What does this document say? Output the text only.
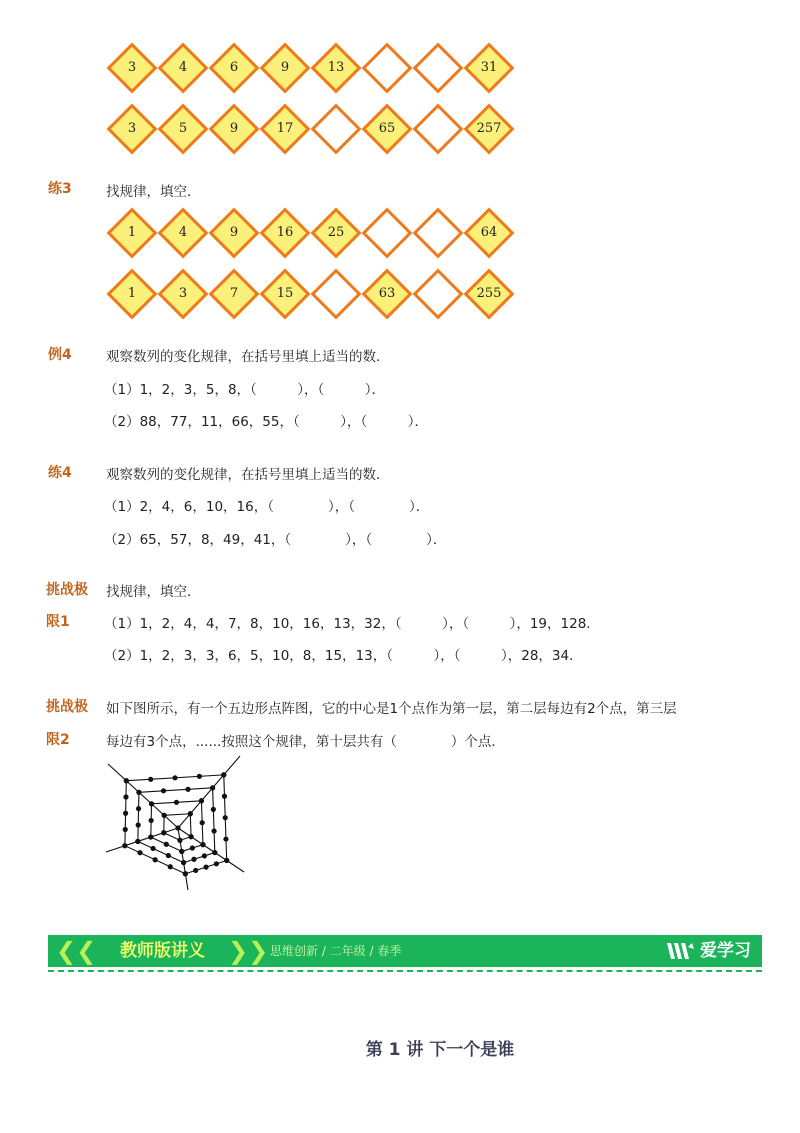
3	4	6	9	13	31
3	5	9	17	65	257
1	4	9	16	25	64
1	3	7	15	63	255
练3	找规律，填空．
例4	观察数列的变化规律，在括号里填上适当的数．
（1）1，2，3，5，8，（　　　），（　　　）．
（2）88，77，11，66，55，（　　　），（　　　）．
练4	观察数列的变化规律，在括号里填上适当的数．
（1）2，4，6，10，16，（　　　　），（　　　　）．
（2）65，57，8，49，41，（　　　　），（　　　　）．
挑战极 找规律，填空．
限1	（1）1，2，4，4，7，8，10，16，13，32，（　　　），（　　　），19，128．
（2）1，2，3，3，6，5，10，8，15，13，（　　　），（　　　），28，34．
挑战极 如下图所示，有一个五边形点阵图，它的中心是1个点作为第一层，第二层每边有2个点，第三层
限2	每边有3个点，......按照这个规律，第十层共有（　　　　）个点．
❮❮ 教师版讲义 ❯❯ 思维创新 / 二年级 / 春季	爱学习
第 1 讲 下一个是谁
